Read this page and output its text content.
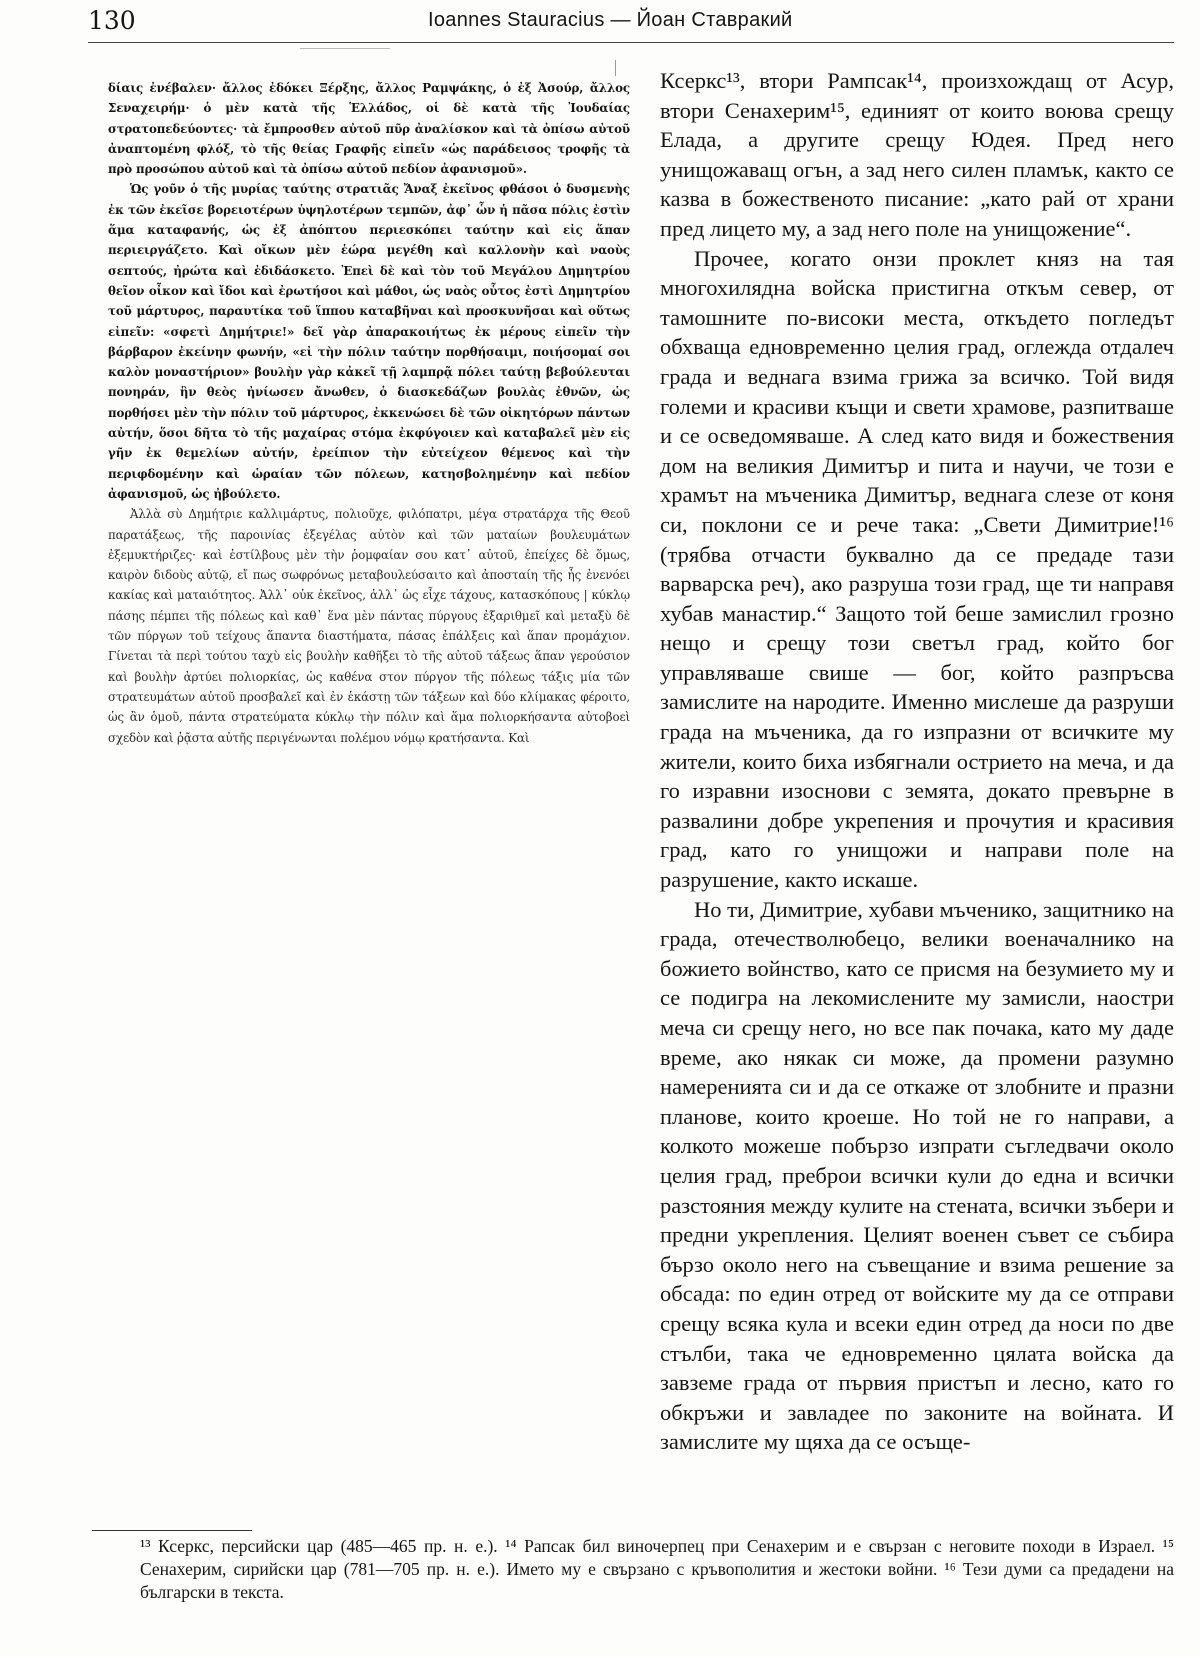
130	Ioannes Stauracius — Йоан Ставракий

δίαις ἐνέβαλεν· ἄλλος ἐδόκει Ξέρξης, ἄλλος Ραμψάκης, ὁ ἐξ Ἀσούρ, ἄλλος Σεναχειρήμ· ὁ μὲν κατὰ τῆς Ἑλλάδος, οἱ δὲ κατὰ τῆς Ἰουδαίας στρατοπεδεύοντες· τὰ ἔμπροσθεν αὐτοῦ πῦρ ἀναλίσκον καὶ τὰ ὀπίσω αὐτοῦ ἀναπτομένη φλόξ, τὸ τῆς θείας Γραφῆς εἰπεῖν «ὡς παράδεισος τροφῆς τὰ πρὸ προσώπου αὐτοῦ καὶ τὰ ὀπίσω αὐτοῦ πεδίον ἀφανισμοῦ».

Ὡς γοῦν ὁ τῆς μυρίας ταύτης στρατιᾶς Ἄναξ ἐκεῖνος φθάσοι ὁ δυσμενὴς ἐκ τῶν ἐκεῖσε βορειοτέρων ὑψηλοτέρων τεμπῶν, ἀφ᾽ ὧν ἡ πᾶσα πόλις ἐστὶν ἅμα καταφανής, ὡς ἐξ ἀπόπτου περιεσκόπει ταύτην καὶ εἰς ἅπαν περιειργάζετο. Καὶ οἴκων μὲν ἑώρα μεγέθη καὶ καλλονὴν καὶ ναοὺς σεπτούς, ἠρώτα καὶ ἐδιδάσκετο. Ἐπεὶ δὲ καὶ τὸν τοῦ Μεγάλου Δημητρίου θεῖον οἶκον καὶ ἴδοι καὶ ἐρωτήσοι καὶ μάθοι, ὡς ναὸς οὗτος ἐστὶ Δημητρίου τοῦ μάρτυρος, παραυτίκα τοῦ ἵππου καταβῆναι καὶ προσκυνῆσαι καὶ οὕτως εἰπεῖν: «σφετὶ Δημήτριε!» δεῖ γὰρ ἀπαρακοιήτως ἐκ μέρους εἰπεῖν τὴν βάρβαρον ἐκείνην φωνήν, «εἰ τὴν πόλιν ταύτην πορθήσαιμι, ποιήσομαί σοι καλὸν μοναστήριον» βουλὴν γὰρ κἀκεῖ τῇ λαμπρᾷ πόλει ταύτῃ βεβούλευται πονηράν, ἣν θεὸς ἠνίωσεν ἄνωθεν, ὁ διασκεδάζων βουλὰς ἐθνῶν, ὡς πορθήσει μὲν τὴν πόλιν τοῦ μάρτυρος, ἐκκενώσει δὲ τῶν οἰκητόρων πάντων αὐτήν, ὅσοι δῆτα τὸ τῆς μαχαίρας στόμα ἐκφύγοιεν καὶ καταβαλεῖ μὲν εἰς γῆν ἐκ θεμελίων αὐτήν, ἐρείπιον τὴν εὐτείχεον θέμενος καὶ τὴν περιφδομένην καὶ ὡραίαν τῶν πόλεων, κατησβολημένην καὶ πεδίον ἀφανισμοῦ, ὡς ἠβούλετο.

Ἀλλὰ σὺ Δημήτριε καλλιμάρτυς, πολιοῦχε, φιλόπατρι, μέγα στρατάρχα τῆς Θεοῦ παρατάξεως, τῆς παροινίας ἐξεγέλας αὐτὸν καὶ τῶν ματαίων βουλευμάτων ἐξεμυκτήριζες· καὶ ἐστίλβους μὲν τὴν ῥομφαίαν σου κατ᾽ αὐτοῦ, ἐπείχες δὲ ὅμως, καιρὸν διδοὺς αὐτῷ, εἴ πως σωφρόνως μεταβουλεύσαιτο καὶ ἀποσταίη τῆς ἧς ἐνενόει κακίας καὶ ματαιότητος. Ἀλλ᾽ οὐκ ἐκεῖνος, ἀλλ᾽ ὡς εἶχε τάχους, κατασκόπους | κύκλῳ πάσης πέμπει τῆς πόλεως καὶ καθ᾽ ἕνα μὲν πάντας πύργους ἐξαριθμεῖ καὶ μεταξὺ δὲ τῶν πύργων τοῦ τείχους ἅπαντα διαστήματα, πάσας ἐπάλξεις καὶ ἅπαν προμάχιον. Γίνεται τὰ περὶ τούτου ταχὺ εἰς βουλὴν καθῆξει τὸ τῆς αὐτοῦ τάξεως ἅπαν γερούσιον καὶ βουλὴν ἀρτύει πολιορκίας, ὡς καθένα στον πύργον τῆς πόλεως τάξις μία τῶν στρατευμάτων αὐτοῦ προσβαλεῖ καὶ ἐν ἑκάστῃ τῶν τάξεων καὶ δύο κλίμακας φέροιτο, ὡς ἂν ὁμοῦ, πάντα στρατεύματα κύκλῳ τὴν πόλιν καὶ ἅμα πολιορκήσαντα αὐτοβοεὶ σχεδὸν καὶ ῥᾷστα αὐτῆς περιγένωνται πολέμου νόμῳ κρατήσαντα. Καὶ

Ксеркс¹³, втори Рампсак¹⁴, произхождащ от Асур, втори Сенахерим¹⁵, единият от които воюва срещу Елада, а другите срещу Юдея. Пред него унищожаващ огън, а зад него силен пламък, както се казва в божественото писание: „като рай от храни пред лицето му, а зад него поле на унищожение“.

Прочее, когато онзи проклет княз на тая многохилядна войска пристигна откъм север, от тамошните по-високи места, откъдето погледът обхваща едновременно целия град, оглежда отдалеч града и веднага взима грижа за всичко. Той видя големи и красиви къщи и свети храмове, разпитваше и се осведомяваше. А след като видя и божествения дом на великия Димитър и пита и научи, че този е храмът на мъченика Димитър, веднага слезе от коня си, поклони се и рече така: „Свети Димитрие!¹⁶ (трябва отчасти буквално да се предаде тази варварска реч), ако разруша този град, ще ти направя хубав манастир.“ Защото той беше замислил грозно нещо и срещу този светъл град, който бог управляваше свише — бог, който разпръсва замислите на народите. Именно мислеше да разруши града на мъченика, да го изпразни от всичките му жители, които биха избягнали острието на меча, и да го изравни изоснови с земята, докато превърне в развалини добре укрепения и прочутия и красивия град, като го унищожи и направи поле на разрушение, както искаше.

Но ти, Димитрие, хубави мъченико, защитнико на града, отечестволюбецо, велики военачалнико на божието войнство, като се присмя на безумието му и се подигра на лекомислените му замисли, наостри меча си срещу него, но все пак почака, като му даде време, ако някак си може, да промени разумно намеренията си и да се откаже от злобните и празни планове, които кроеше. Но той не го направи, а колкото можеше побързо изпрати съгледвачи около целия град, преброи всички кули до една и всички разстояния между кулите на стената, всички зъбери и предни укрепления. Целият военен съвет се събира бързо около него на съвещание и взима решение за обсада: по един отред от войските му да се отправи срещу всяка кула и всеки един отред да носи по две стълби, така че едновременно цялата войска да завземе града от първия пристъп и лесно, като го обкръжи и завладее по законите на войната. И замислите му щяха да се осъще-

¹³ Ксеркс, персийски цар (485—465 пр. н. е.). ¹⁴ Рапсак бил виночерпец при Сенахерим и е свързан с неговите походи в Израел. ¹⁵ Сенахерим, сирийски цар (781—705 пр. н. е.). Името му е свързано с кръвополития и жестоки войни. ¹⁶ Тези думи са предадени на български в текста.
